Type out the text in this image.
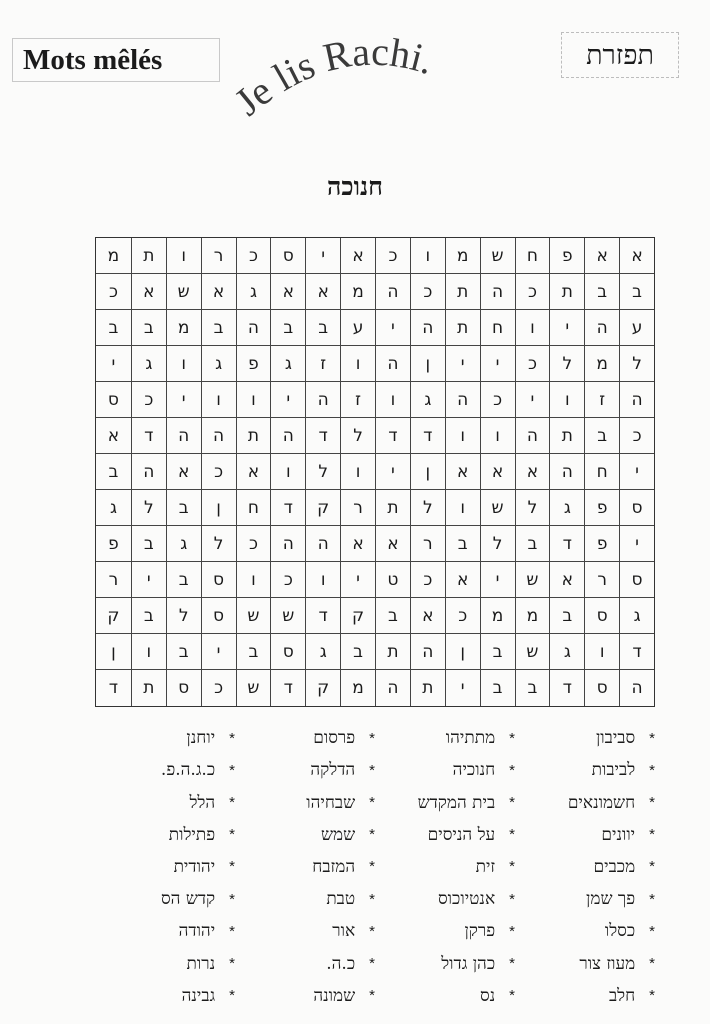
Mots mêlés
Je lis Rachi.	תפזרת
חנוכה
א
א
פ
ח
ש
מ
ו
כ
א
י
ס
כ
ר
ו
ת
מ
ב
ב
ת
כ
ה
ת
כ
ה
מ
א
א
ג
א
ש
א
כ
ע
ה
י
ו
ח
ת
ה
י
ע
ב
ב
ה
ב
מ
ב
ב
ל
מ
ל
כ
י
י
ן
ה
ו
ז
ג
פ
ג
ו
ג
י
ה
ז
ו
י
כ
ה
ג
ו
ז
ה
י
ו
ו
י
כ
ס
כ
ב
ת
ה
ו
ו
ד
ד
ל
ד
ה
ת
ה
ה
ד
א
י
ח
ה
א
א
א
ן
י
ו
ל
ו
א
כ
א
ה
ב
ס
פ
ג
ל
ש
ו
ל
ת
ר
ק
ד
ח
ן
ב
ל
ג
י
פ
ד
ב
ל
ב
ר
א
א
ה
ה
כ
ל
ג
ב
פ
ס
ר
א
ש
י
א
כ
ט
י
ו
כ
ו
ס
ב
י
ר
ג
ס
ב
מ
מ
כ
א
ב
ק
ד
ש
ש
ס
ל
ב
ק
ד
ו
ג
ש
ב
ן
ה
ת
ב
ג
ס
ב
י
ב
ו
ן
ה
ס
ד
ב
ב
י
ת
ה
מ
ק
ד
ש
כ
ס
ת
ד
*
סביבון
*
מתתיהו
*
פרסום
*
יוחנן
*
לביבות
*
חנוכיה
*
הדלקה
*
כ.ג.ה.פ.
*
חשמונאים
*
בית המקדש
*
שבחיהו
*
הלל
*
יוונים
*
על הניסים
*
שמש
*
פתילות
*
מכבים
*
זית
*
המזבח
*
יהודית
*
פך שמן
*
אנטיוכוס
*
טבת
*
קדש הס
*
כסלו
*
פרקן
*
אור
*
יהודה
*
מעוז צור
*
כהן גדול
*
כ.ה.
*
נרות
*
חלב
*
נס
*
שמונה
*
גבינה
